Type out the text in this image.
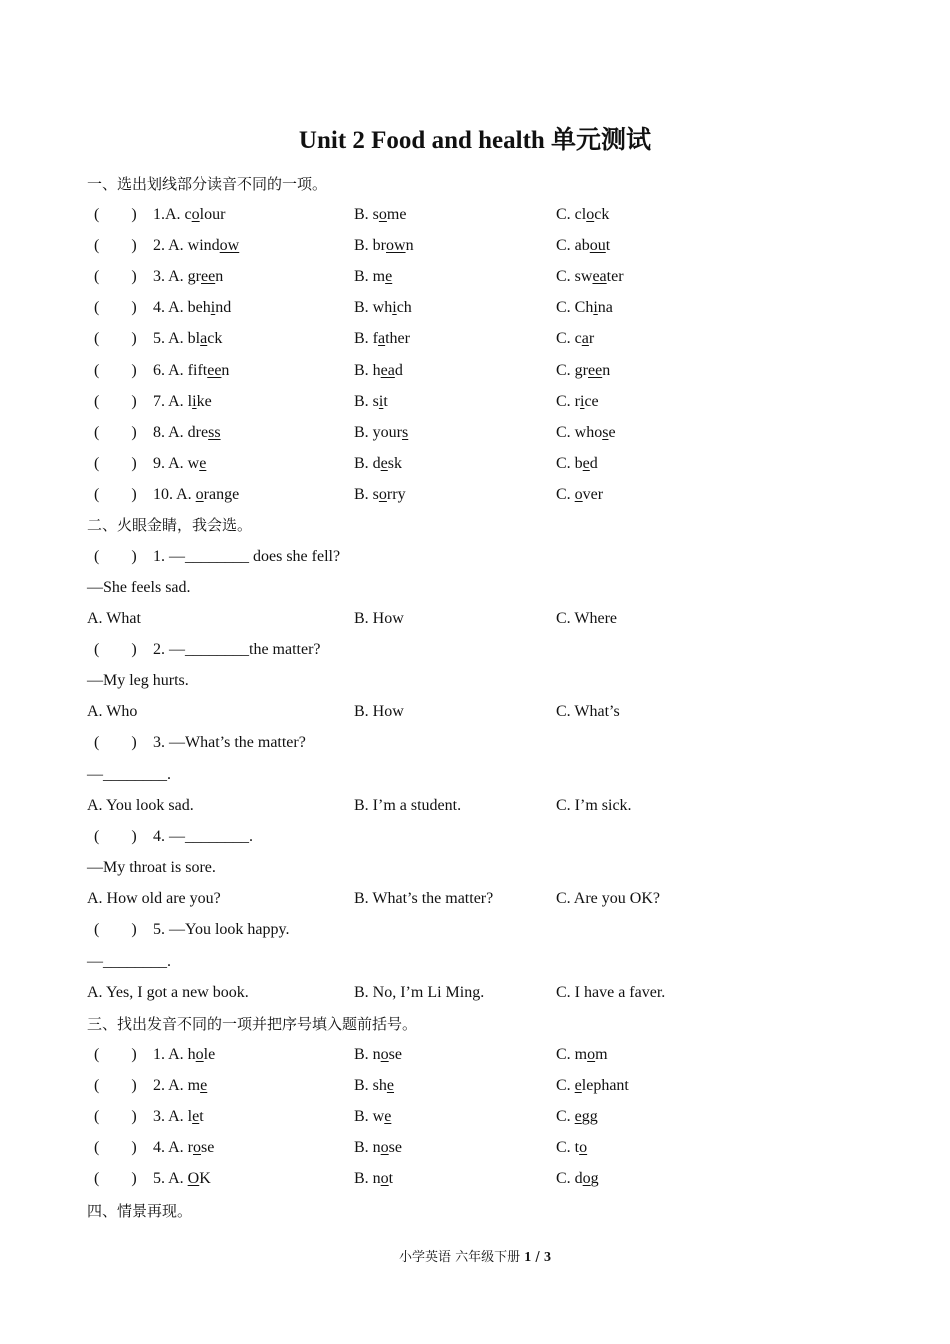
Unit 2 Food and health 单元测试
一、选出划线部分读音不同的一项。
(        ) 1.A. colour	B. some	C. clock
(        ) 2. A. window	B. brown	C. about
(        ) 3. A. green	B. me	C. sweater
(        ) 4. A. behind	B. which	C. China
(        ) 5. A. black	B. father	C. car
(        ) 6. A. fifteen	B. head	C. green
(        ) 7. A. like	B. sit	C. rice
(        ) 8. A. dress	B. yours	C. whose
(        ) 9. A. we	B. desk	C. bed
(        ) 10. A. orange	B. sorry	C. over
二、火眼金睛，我会选。
(        ) 1. —________ does she fell?
—She feels sad.
A. What	B. How	C. Where
(        ) 2. —________the matter?
—My leg hurts.
A. Who	B. How	C. What’s
(        ) 3. —What’s the matter?
—________.
A. You look sad.	B. I’m a student.	C. I’m sick.
(        ) 4. —________.
—My throat is sore.
A. How old are you?	B. What’s the matter?	C. Are you OK?
(        ) 5. —You look happy.
—________.
A. Yes, I got a new book.	B. No, I’m Li Ming.	C. I have a faver.
三、找出发音不同的一项并把序号填入题前括号。
(        ) 1. A. hole	B. nose	C. mom
(        ) 2. A. me	B. she	C. elephant
(        ) 3. A. let	B. we	C. egg
(        ) 4. A. rose	B. nose	C. to
(        ) 5. A. OK	B. not	C. dog
四、情景再现。
小学英语 六年级下册 1 / 3
